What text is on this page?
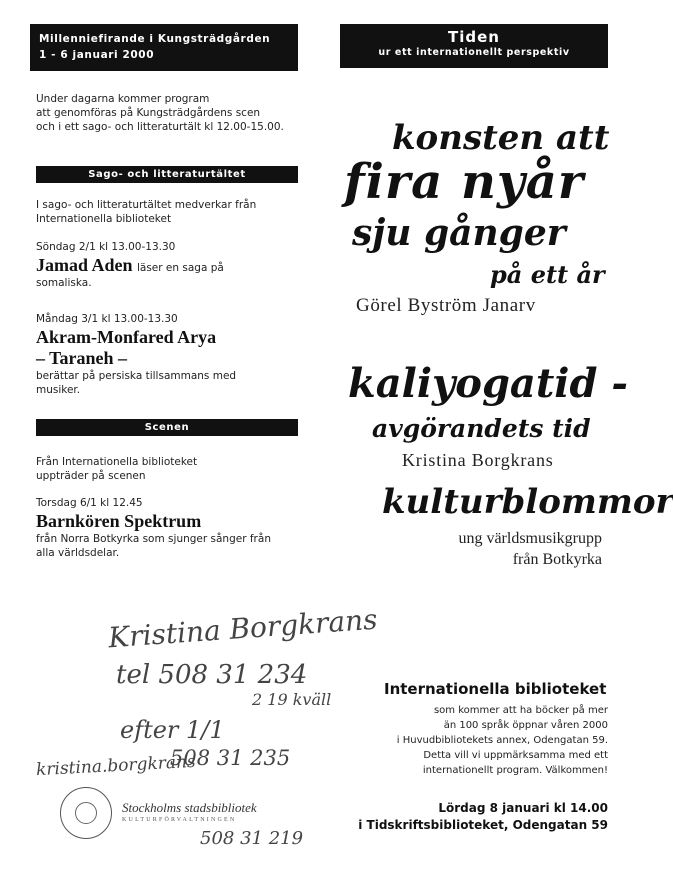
Millenniefirande i Kungsträdgården
1 - 6 januari 2000
Tiden
ur ett internationellt perspektiv
Under dagarna kommer program
att genomföras på Kungsträdgårdens scen
och i ett sago- och litteraturtält kl 12.00-15.00.
Sago- och litteraturtältet
I sago- och litteraturtältet medverkar från
Internationella biblioteket
Söndag 2/1 kl 13.00-13.30
Jamad Aden läser en saga på
somaliska.
Måndag 3/1 kl 13.00-13.30
Akram-Monfared Arya
– Taraneh –
berättar på persiska tillsammans med
musiker.
Scenen
Från Internationella biblioteket
uppträder på scenen
Torsdag 6/1 kl 12.45
Barnkören Spektrum
från Norra Botkyrka som sjunger sånger från
alla världsdelar.
konsten att
fira nyår
sju gånger
på ett år
Görel Byström Janarv
kaliyogatid -
avgörandets tid
Kristina Borgkrans
kulturblommor
ung världsmusikgrupp
från Botkyrka
Internationella biblioteket
som kommer att ha böcker på mer
än 100 språk öppnar våren 2000
i Huvudbibliotekets annex, Odengatan 59.
Detta vill vi uppmärksamma med ett
internationellt program. Välkommen!
Lördag 8 januari kl 14.00
i Tidskriftsbiblioteket, Odengatan 59
Kristina Borgkrans
tel 508 31 234
2 19 kväll
efter 1/1
kristina.borgkrans
508 31 235
508 31 219
Stockholms stadsbibliotek
KULTURFÖRVALTNINGEN
